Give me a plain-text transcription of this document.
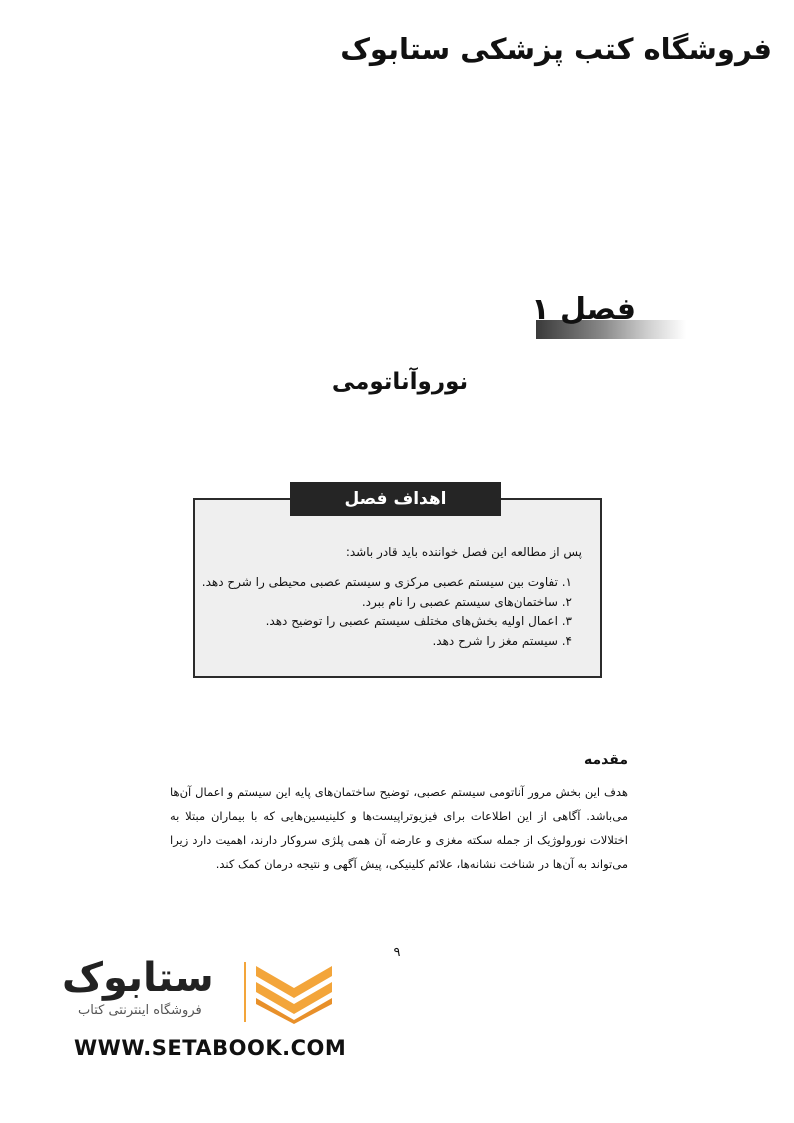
فروشگاه کتب پزشکی ستابوک
فصل ۱
نوروآناتومی
اهداف فصل
پس از مطالعه این فصل خواننده باید قادر باشد:
۱. تفاوت بین سیستم عصبی مرکزی و سیستم عصبی محیطی را شرح دهد.
۲. ساختمان‌های سیستم عصبی را نام ببرد.
۳. اعمال اولیه بخش‌های مختلف سیستم عصبی را توضیح دهد.
۴. سیستم مغز را شرح دهد.
مقدمه
هدف این بخش مرور آناتومی سیستم عصبی، توضیح ساختمان‌های پایه این سیستم و اعمال آن‌ها می‌باشد. آگاهی از این اطلاعات برای فیزیوتراپیست‌ها و کلینیسین‌هایی که با بیماران مبتلا به اختلالات نورولوژیک از جمله سکته مغزی و عارضه آن همی پلژی سروکار دارند، اهمیت دارد زیرا می‌تواند به آن‌ها در شناخت نشانه‌ها، علائم کلینیکی، پیش آگهی و نتیجه درمان کمک کند.
۹
ستابوک
فروشگاه اینترنتی کتاب
WWW.SETABOOK.COM
